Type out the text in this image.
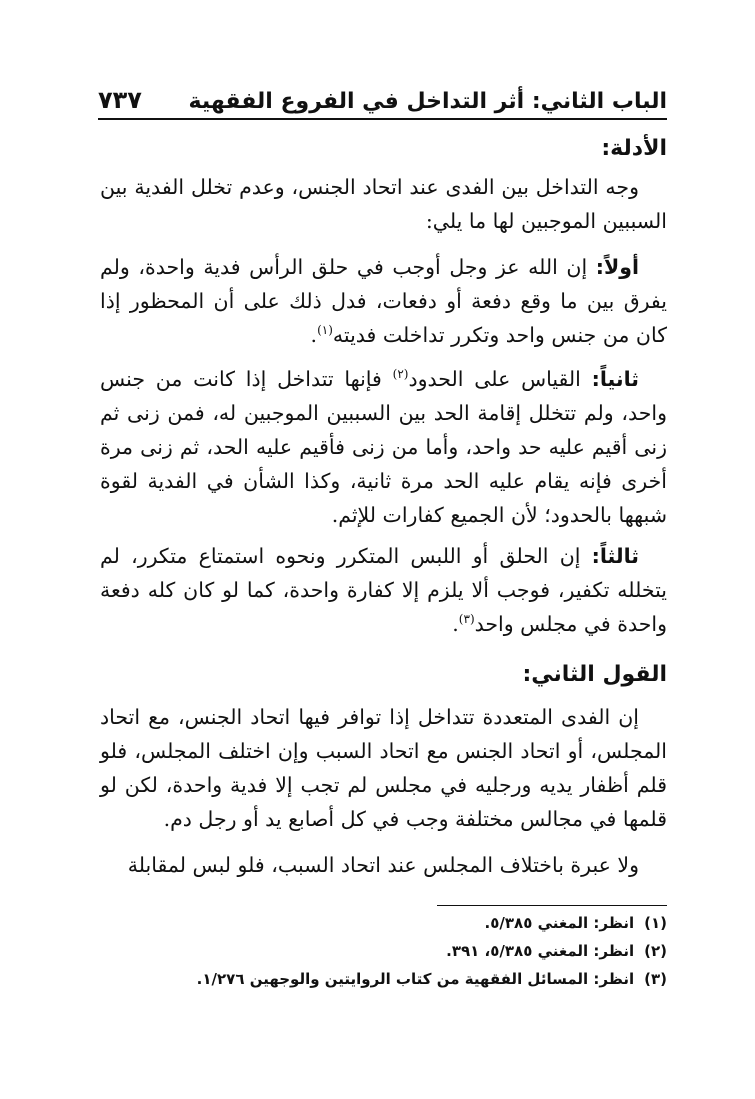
الباب الثاني: أثر التداخل في الفروع الفقهية
٧٣٧
الأدلة:

وجه التداخل بين الفدى عند اتحاد الجنس، وعدم تخلل الفدية بين السببين الموجبين لها ما يلي:

أولاً: إن الله عز وجل أوجب في حلق الرأس فدية واحدة، ولم يفرق بين ما وقع دفعة أو دفعات، فدل ذلك على أن المحظور إذا كان من جنس واحد وتكرر تداخلت فديته$^{(١)}$.

ثانياً: القياس على الحدود$^{(٢)}$ فإنها تتداخل إذا كانت من جنس واحد، ولم تتخلل إقامة الحد بين السببين الموجبين له، فمن زنى ثم زنى أقيم عليه حد واحد، وأما من زنى فأقيم عليه الحد، ثم زنى مرة أخرى فإنه يقام عليه الحد مرة ثانية، وكذا الشأن في الفدية لقوة شبهها بالحدود؛ لأن الجميع كفارات للإثم.

ثالثاً: إن الحلق أو اللبس المتكرر ونحوه استمتاع متكرر، لم يتخلله تكفير، فوجب ألا يلزم إلا كفارة واحدة، كما لو كان كله دفعة واحدة في مجلس واحد$^{(٣)}$.

القول الثاني:

إن الفدى المتعددة تتداخل إذا توافر فيها اتحاد الجنس، مع اتحاد المجلس، أو اتحاد الجنس مع اتحاد السبب وإن اختلف المجلس، فلو قلم أظفار يديه ورجليه في مجلس لم تجب إلا فدية واحدة، لكن لو قلمها في مجالس مختلفة وجب في كل أصابع يد أو رجل دم.

ولا عبرة باختلاف المجلس عند اتحاد السبب، فلو لبس لمقابلة

(١)انظر: المغني ٥/٣٨٥.
(٢)انظر: المغني ٥/٣٨٥، ٣٩١.
(٣)انظر: المسائل الفقهية من كتاب الروايتين والوجهين ١/٢٧٦.
